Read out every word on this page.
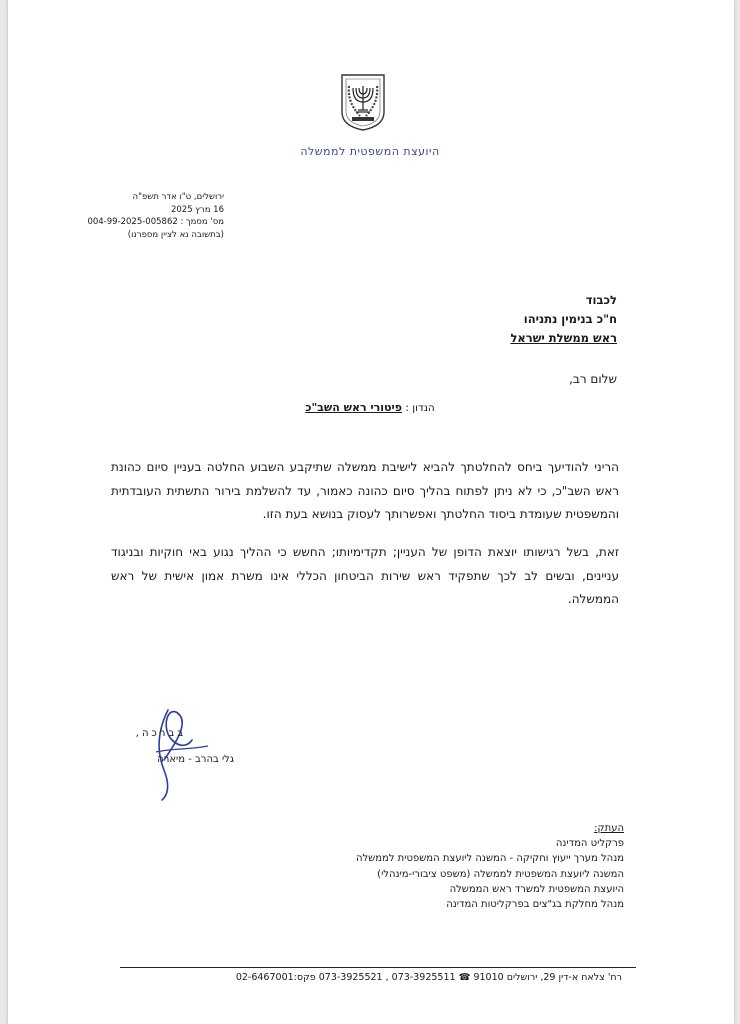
היועצת המשפטית לממשלה
ירושלים, ט"ו אדר תשפ"ה
16 מרץ 2025
מס' מסמך : 004-99-2025-005862
(בתשובה נא לציין מספרנו)
לכבוד
ח"כ בנימין נתניהו
ראש ממשלת ישראל
שלום רב,
הנדון : פיטורי ראש השב"כ
הריני להודיעך ביחס להחלטתך להביא לישיבת ממשלה שתיקבע השבוע החלטה בעניין סיום כהונת ראש השב"כ, כי לא ניתן לפתוח בהליך סיום כהונה כאמור, עד להשלמת בירור התשתית העובדתית והמשפטית שעומדת ביסוד החלטתך ואפשרותך לעסוק בנושא בעת הזו.
זאת, בשל רגישותו יוצאת הדופן של העניין; תקדימיותו; החשש כי ההליך נגוע באי חוקיות ובניגוד עניינים, ובשים לב לכך שתפקיד ראש שירות הביטחון הכללי אינו משרת אמון אישית של ראש הממשלה.
בברכה,
גלי בהרב - מיארה
העתק:
פרקליט המדינה
מנהל מערך ייעוץ וחקיקה - המשנה ליועצת המשפטית לממשלה
המשנה ליועצת המשפטית לממשלה (משפט ציבורי-מינהלי)
היועצת המשפטית למשרד ראש הממשלה
מנהל מחלקת בג"צים בפרקליטות המדינה
רח' צלאח א-דין 29, ירושלים 91010 ☎ 073-3925511 , 073-3925521 פקס:02-6467001
